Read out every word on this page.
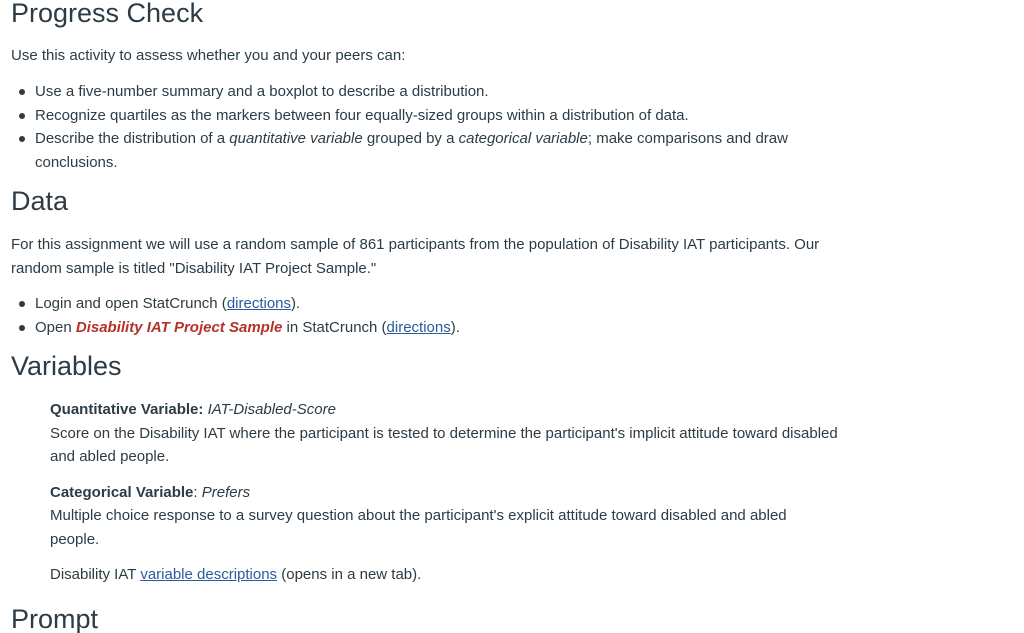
Progress Check

Use this activity to assess whether you and your peers can:

Use a five-number summary and a boxplot to describe a distribution.
Recognize quartiles as the markers between four equally-sized groups within a distribution of data.
Describe the distribution of a quantitative variable grouped by a categorical variable; make comparisons and draw conclusions.
Data

For this assignment we will use a random sample of 861 participants from the population of Disability IAT participants. Our random sample is titled "Disability IAT Project Sample."

Login and open StatCrunch (directions).
Open Disability IAT Project Sample in StatCrunch (directions).
Variables

Quantitative Variable: IAT-Disabled-Score

Score on the Disability IAT where the participant is tested to determine the participant's implicit attitude toward disabled and abled people.

Categorical Variable: Prefers

Multiple choice response to a survey question about the participant's explicit attitude toward disabled and abled people.

Disability IAT variable descriptions (opens in a new tab).

Prompt
